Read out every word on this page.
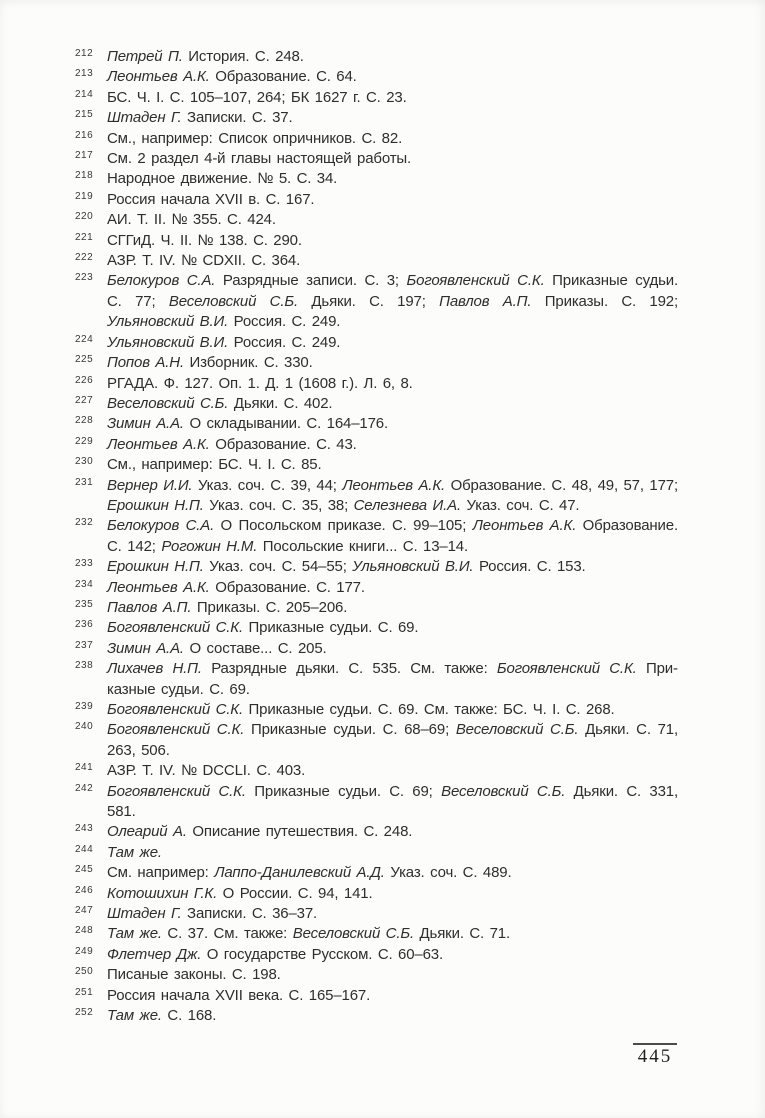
212 Петрей П. История. С. 248.
213 Леонтьев А.К. Образование. С. 64.
214 БС. Ч. I. С. 105–107, 264; БК 1627 г. С. 23.
215 Штаден Г. Записки. С. 37.
216 См., например: Список опричников. С. 82.
217 См. 2 раздел 4-й главы настоящей работы.
218 Народное движение. № 5. С. 34.
219 Россия начала XVII в. С. 167.
220 АИ. Т. II. № 355. С. 424.
221 СГГиД. Ч. II. № 138. С. 290.
222 АЗР. Т. IV. № CDXII. С. 364.
223 Белокуров С.А. Разрядные записи. С. 3; Богоявленский С.К. Приказные судьи. С. 77; Веселовский С.Б. Дьяки. С. 197; Павлов А.П. Приказы. С. 192; Ульяновский В.И. Россия. С. 249.
224 Ульяновский В.И. Россия. С. 249.
225 Попов А.Н. Изборник. С. 330.
226 РГАДА. Ф. 127. Оп. 1. Д. 1 (1608 г.). Л. 6, 8.
227 Веселовский С.Б. Дьяки. С. 402.
228 Зимин А.А. О складывании. С. 164–176.
229 Леонтьев А.К. Образование. С. 43.
230 См., например: БС. Ч. I. С. 85.
231 Вернер И.И. Указ. соч. С. 39, 44; Леонтьев А.К. Образование. С. 48, 49, 57, 177; Ерошкин Н.П. Указ. соч. С. 35, 38; Селезнева И.А. Указ. соч. С. 47.
232 Белокуров С.А. О Посольском приказе. С. 99–105; Леонтьев А.К. Образование. С. 142; Рогожин Н.М. Посольские книги... С. 13–14.
233 Ерошкин Н.П. Указ. соч. С. 54–55; Ульяновский В.И. Россия. С. 153.
234 Леонтьев А.К. Образование. С. 177.
235 Павлов А.П. Приказы. С. 205–206.
236 Богоявленский С.К. Приказные судьи. С. 69.
237 Зимин А.А. О составе... С. 205.
238 Лихачев Н.П. Разрядные дьяки. С. 535. См. также: Богоявленский С.К. Приказные судьи. С. 69.
239 Богоявленский С.К. Приказные судьи. С. 69. См. также: БС. Ч. I. С. 268.
240 Богоявленский С.К. Приказные судьи. С. 68–69; Веселовский С.Б. Дьяки. С. 71, 263, 506.
241 АЗР. Т. IV. № DCCLI. С. 403.
242 Богоявленский С.К. Приказные судьи. С. 69; Веселовский С.Б. Дьяки. С. 331, 581.
243 Олеарий А. Описание путешествия. С. 248.
244 Там же.
245 См. например: Лаппо-Данилевский А.Д. Указ. соч. С. 489.
246 Котошихин Г.К. О России. С. 94, 141.
247 Штаден Г. Записки. С. 36–37.
248 Там же. С. 37. См. также: Веселовский С.Б. Дьяки. С. 71.
249 Флетчер Дж. О государстве Русском. С. 60–63.
250 Писаные законы. С. 198.
251 Россия начала XVII века. С. 165–167.
252 Там же. С. 168.
445
